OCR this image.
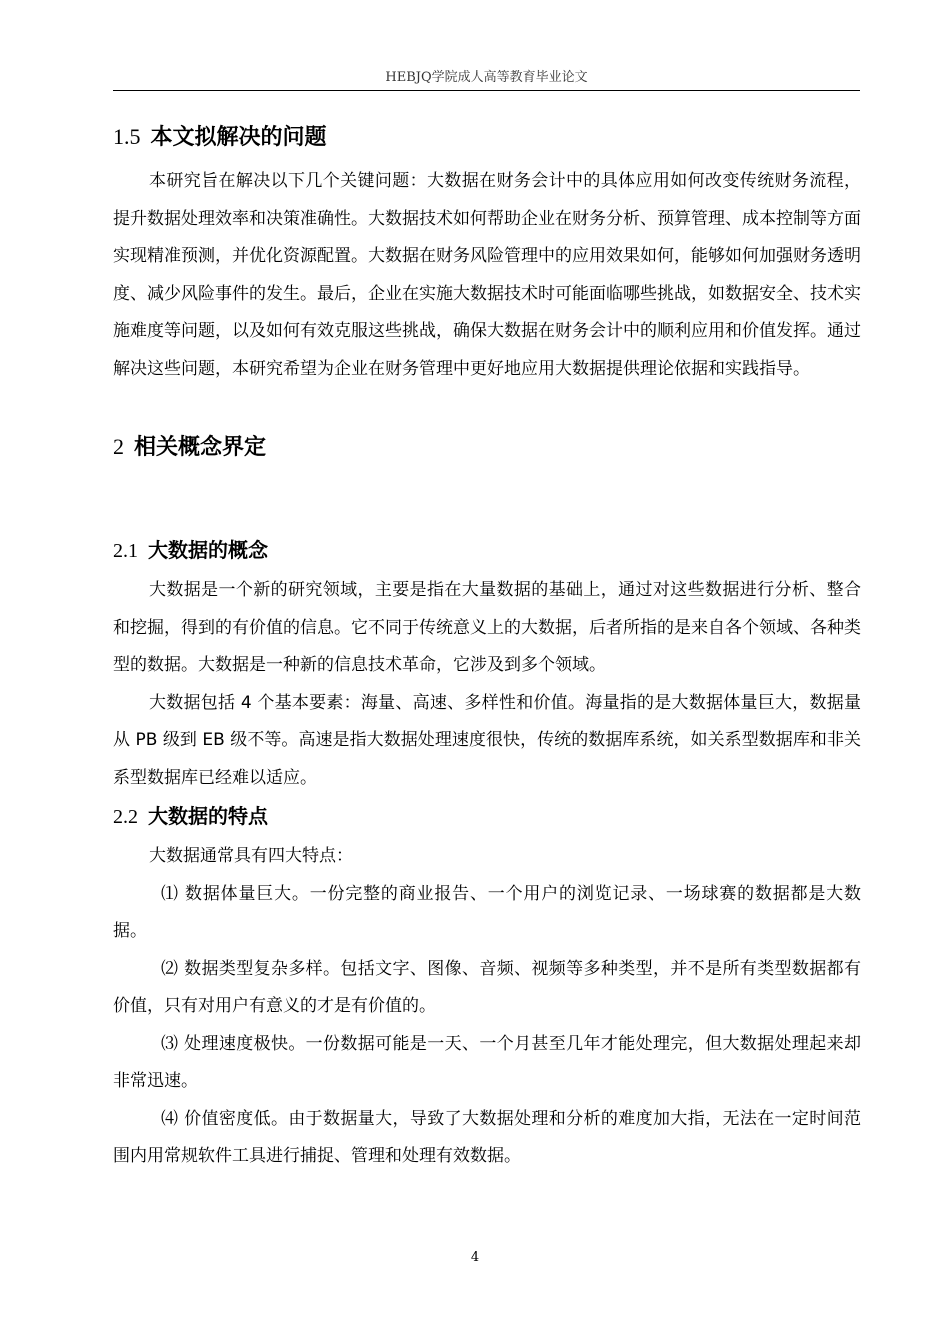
HEBJQ学院成人高等教育毕业论文
1.5 本文拟解决的问题

本研究旨在解决以下几个关键问题：大数据在财务会计中的具体应用如何改变传统财务流程，提升数据处理效率和决策准确性。大数据技术如何帮助企业在财务分析、预算管理、成本控制等方面实现精准预测，并优化资源配置。大数据在财务风险管理中的应用效果如何，能够如何加强财务透明度、减少风险事件的发生。最后，企业在实施大数据技术时可能面临哪些挑战，如数据安全、技术实施难度等问题，以及如何有效克服这些挑战，确保大数据在财务会计中的顺利应用和价值发挥。通过解决这些问题，本研究希望为企业在财务管理中更好地应用大数据提供理论依据和实践指导。

2 相关概念界定
2.1 大数据的概念

大数据是一个新的研究领域，主要是指在大量数据的基础上，通过对这些数据进行分析、整合和挖掘，得到的有价值的信息。它不同于传统意义上的大数据，后者所指的是来自各个领域、各种类型的数据。大数据是一种新的信息技术革命，它涉及到多个领域。

大数据包括 4 个基本要素：海量、高速、多样性和价值。海量指的是大数据体量巨大，数据量从 PB 级到 EB 级不等。高速是指大数据处理速度很快，传统的数据库系统，如关系型数据库和非关系型数据库已经难以适应。

2.2 大数据的特点

大数据通常具有四大特点：

⑴ 数据体量巨大。一份完整的商业报告、一个用户的浏览记录、一场球赛的数据都是大数据。

⑵ 数据类型复杂多样。包括文字、图像、音频、视频等多种类型，并不是所有类型数据都有价值，只有对用户有意义的才是有价值的。

⑶ 处理速度极快。一份数据可能是一天、一个月甚至几年才能处理完，但大数据处理起来却非常迅速。

⑷ 价值密度低。由于数据量大，导致了大数据处理和分析的难度加大指，无法在一定时间范围内用常规软件工具进行捕捉、管理和处理有效数据。

4
